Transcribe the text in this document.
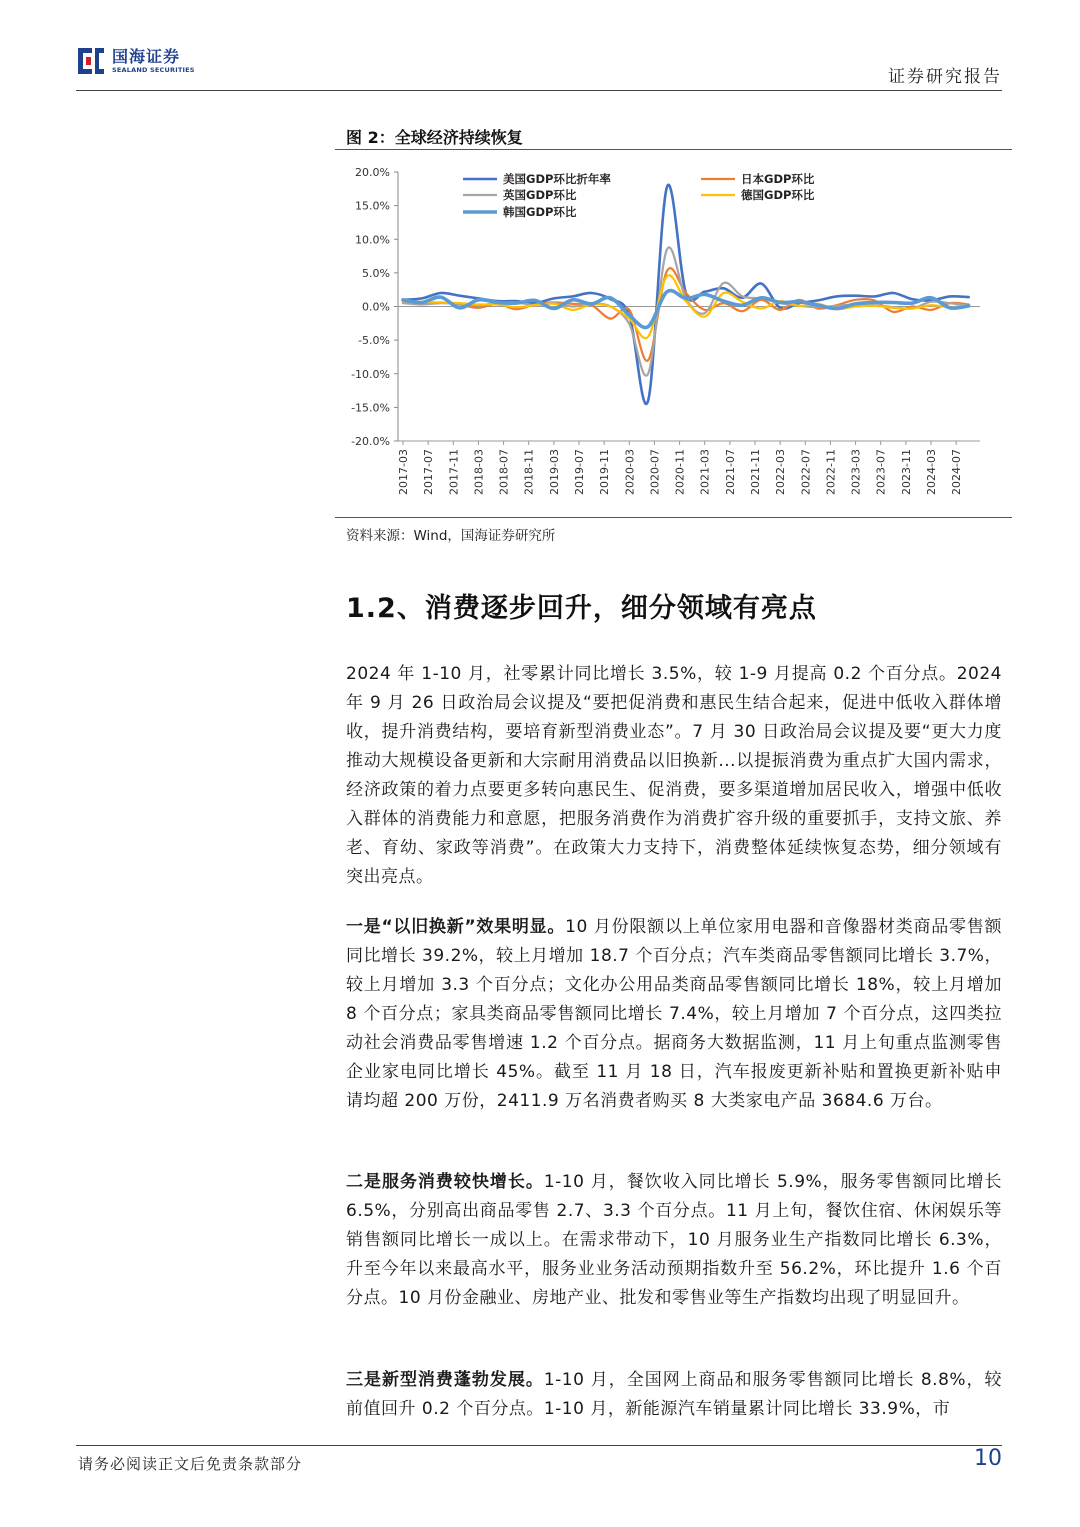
国海证券
SEALAND SECURITIES	证券研究报告
图 2：全球经济持续恢复
20.0%
15.0%
10.0%
5.0%
0.0%
-5.0%
-10.0%
-15.0%
-20.0%
2017-03 2017-07 2017-11 2018-03 2018-07 2018-11 2019-03 2019-07 2019-11 2020-03 2020-07 2020-11 2021-03 2021-07 2021-11 2022-03 2022-07 2022-11 2023-03 2023-07 2023-11 2024-03 2024-07
美国GDP环比折年率	日本GDP环比
英国GDP环比	德国GDP环比
韩国GDP环比
资料来源：Wind，国海证券研究所
1.2、消费逐步回升，细分领域有亮点
2024 年 1-10 月，社零累计同比增长 3.5%，较 1-9 月提高 0.2 个百分点。2024 年 9 月 26 日政治局会议提及“要把促消费和惠民生结合起来，促进中低收入群体增收，提升消费结构，要培育新型消费业态”。7 月 30 日政治局会议提及要“更大力度推动大规模设备更新和大宗耐用消费品以旧换新...以提振消费为重点扩大国内需求，经济政策的着力点要更多转向惠民生、促消费，要多渠道增加居民收入，增强中低收入群体的消费能力和意愿，把服务消费作为消费扩容升级的重要抓手，支持文旅、养老、育幼、家政等消费”。在政策大力支持下，消费整体延续恢复态势，细分领域有突出亮点。
一是“以旧换新”效果明显。10 月份限额以上单位家用电器和音像器材类商品零售额同比增长 39.2%，较上月增加 18.7 个百分点；汽车类商品零售额同比增长 3.7%，较上月增加 3.3 个百分点；文化办公用品类商品零售额同比增长 18%，较上月增加 8 个百分点；家具类商品零售额同比增长 7.4%，较上月增加 7 个百分点，这四类拉动社会消费品零售增速 1.2 个百分点。据商务大数据监测，11 月上旬重点监测零售企业家电同比增长 45%。截至 11 月 18 日，汽车报废更新补贴和置换更新补贴申请均超 200 万份，2411.9 万名消费者购买 8 大类家电产品 3684.6 万台。
二是服务消费较快增长。1-10 月，餐饮收入同比增长 5.9%，服务零售额同比增长 6.5%，分别高出商品零售 2.7、3.3 个百分点。11 月上旬，餐饮住宿、休闲娱乐等销售额同比增长一成以上。在需求带动下，10 月服务业生产指数同比增长 6.3%，升至今年以来最高水平，服务业业务活动预期指数升至 56.2%，环比提升 1.6 个百分点。10 月份金融业、房地产业、批发和零售业等生产指数均出现了明显回升。
三是新型消费蓬勃发展。1-10 月，全国网上商品和服务零售额同比增长 8.8%，较前值回升 0.2 个百分点。1-10 月，新能源汽车销量累计同比增长 33.9%，市
请务必阅读正文后免责条款部分	10
